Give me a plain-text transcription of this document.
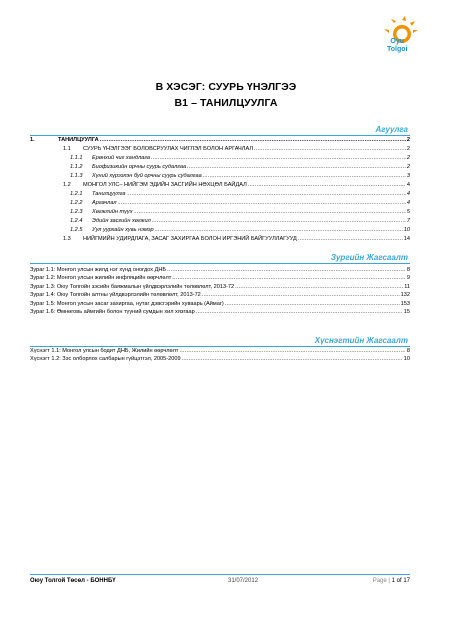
Oyu
Tolgoi
B ХЭСЭГ: СУУРЬ ҮНЭЛГЭЭ
B1 – ТАНИЛЦУУЛГА
Агуулга
1.	ТАНИЛЦУУЛГА .....	2
1.1	СУУРЬ ҮНЭЛГЭЭГ БОЛОВСРУУЛАХ ЧИГЛЭЛ БОЛОН АРГАЧЛАЛ .....	2
1.1.1	Ерөнхий чиг хандлага .....	2
1.1.2	Биофизикийн орчны суурь судалгаа .....	2
1.1.3	Хүний хүрээлэн буй орчны суурь судалгаа .....	3
1.2	МОНГОЛ УЛС– НИЙГЭМ ЭДИЙН ЗАСГИЙН НӨХЦӨЛ БАЙДАЛ .....	4
1.2.1	Танилцуулга .....	4
1.2.2	Аргачлал .....	4
1.2.3	Хөгжлийн түүх .....	5
1.2.4	Эдийн засгийн хөгжил .....	7
1.2.5	Уул уурхайн хувь нэмэр .....	10
1.3	НИЙГМИЙН УДИРДЛАГА, ЗАСАГ ЗАХИРГАА БОЛОН ИРГЭНИЙ БАЙГУУЛЛАГУУД .....	14
Зургийн Жагсаалт
Зураг 1.1: Монгол улсын жилд нэг хүнд оногдох ДНБ .....	8
Зураг 1.2: Монгол улсын жилийн инфляцийн өөрчлөлт .....	9
Зураг 1.3: Оюу Толгойн зэсийн баяжмалын үйлдвэрлэлийн төлөвлөлт, 2013-72 .....	11
Зураг 1.4: Оюу Толгойн алтны үйлдвэрлэлийн төлөвлөлт, 2013-72 .....	132
Зураг 1.5: Монгол улсын засаг захиргаа, нутаг дэвсгэрийн хуваарь (Аймаг) .....	153
Зураг 1.6: Өмнөговь аймгийн болон түүний сумдын хил хязгаар .....	15
Хүснэгтийн Жагсаалт
Хүснэгт 1.1: Монгол улсын бодит ДНБ, Жилийн өөрчлөлт .....	8
Хүснэгт 1.2: Зэс олборлох салбарын гүйцэтгэл, 2005-2009 .....	10
Оюу Толгой Төсөл - БОННБҮ	31/07/2012	Page | 1 of 17
